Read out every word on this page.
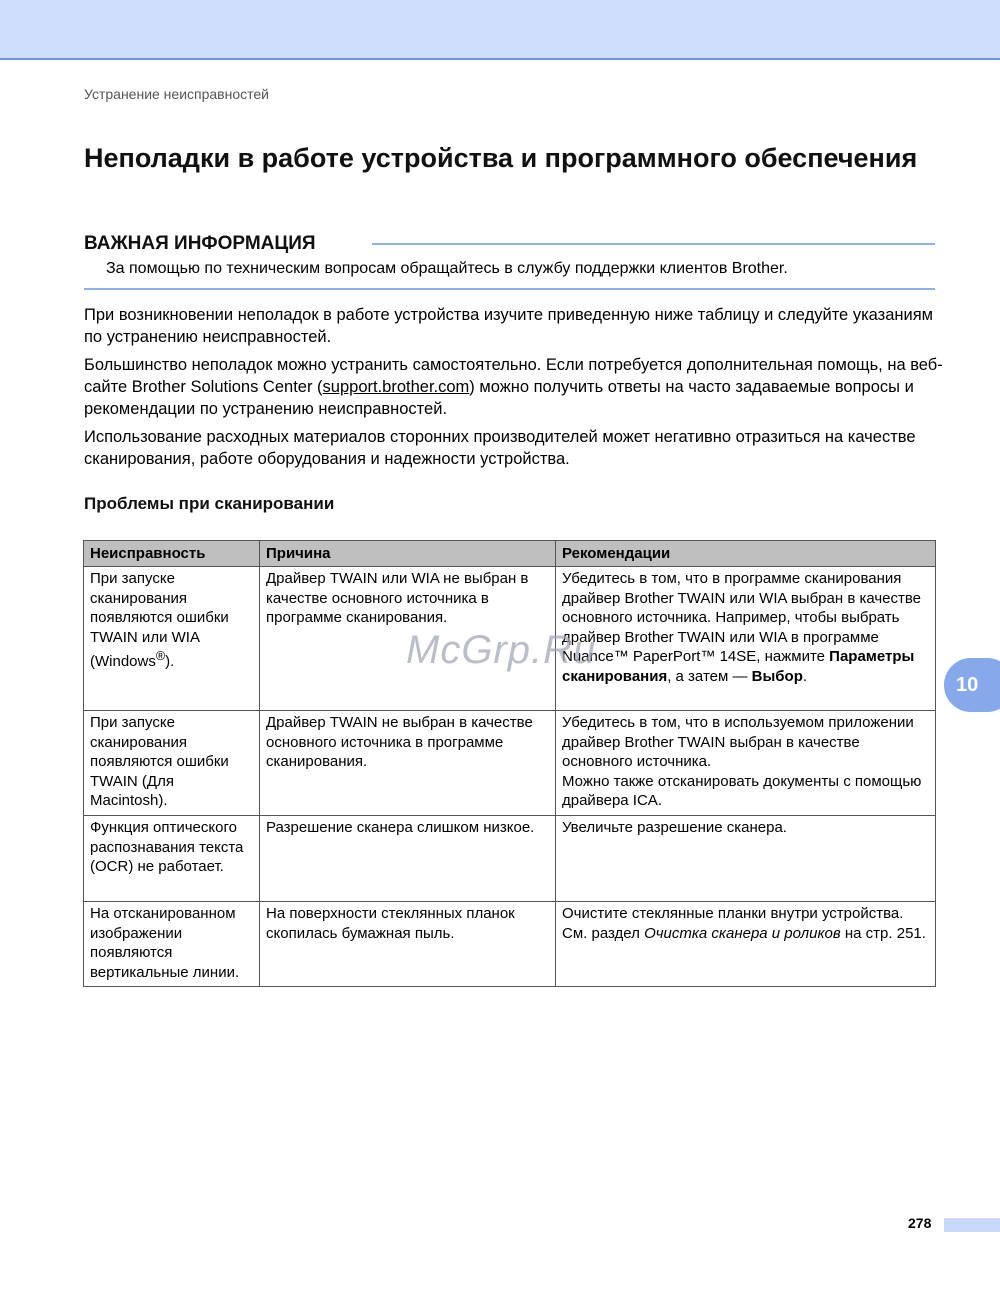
Устранение неисправностей
Неполадки в работе устройства и программного обеспечения
ВАЖНАЯ ИНФОРМАЦИЯ
За помощью по техническим вопросам обращайтесь в службу поддержки клиентов Brother.

При возникновении неполадок в работе устройства изучите приведенную ниже таблицу и следуйте указаниям по устранению неисправностей.

Большинство неполадок можно устранить самостоятельно. Если потребуется дополнительная помощь, на веб-сайте Brother Solutions Center (support.brother.com) можно получить ответы на часто задаваемые вопросы и рекомендации по устранению неисправностей.

Использование расходных материалов сторонних производителей может негативно отразиться на качестве сканирования, работе оборудования и надежности устройства.

Проблемы при сканировании
Неисправность	Причина	Рекомендации
При запуске сканирования появляются ошибки TWAIN или WIA (Windows®).	Драйвер TWAIN или WIA не выбран в качестве основного источника в программе сканирования.	Убедитесь в том, что в программе сканирования драйвер Brother TWAIN или WIA выбран в качестве основного источника. Например, чтобы выбрать драйвер Brother TWAIN или WIA в программе Nuance™ PaperPort™ 14SE, нажмите Параметры сканирования, а затем — Выбор.
При запуске сканирования появляются ошибки TWAIN (Для Macintosh).	Драйвер TWAIN не выбран в качестве основного источника в программе сканирования.	Убедитесь в том, что в используемом приложении драйвер Brother TWAIN выбран в качестве основного источника.
Можно также отсканировать документы с помощью драйвера ICA.

Функция оптического распознавания текста (OCR) не работает.	Разрешение сканера слишком низкое.	Увеличьте разрешение сканера.
На отсканированном изображении появляются вертикальные линии.	На поверхности стеклянных планок скопилась бумажная пыль.	Очистите стеклянные планки внутри устройства. См. раздел Очистка сканера и роликов на стр. 251.
McGrp.Ru
10
278
